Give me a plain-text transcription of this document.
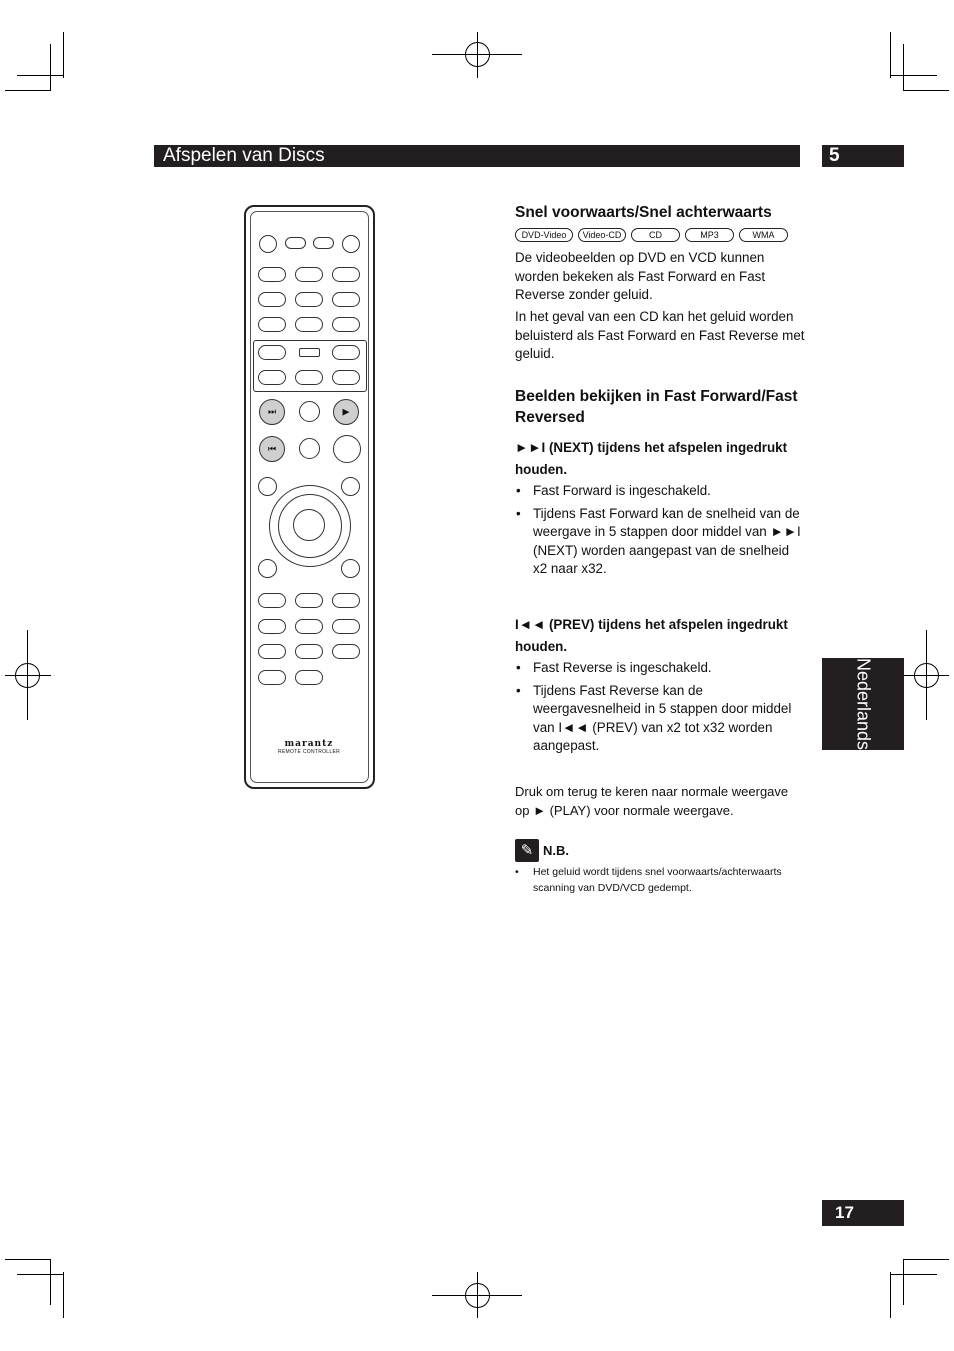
Afspelen van Discs	5
Nederlands
17
⏭	▶
⏮
marantz
REMOTE CONTROLLER
Snel voorwaarts/Snel achterwaarts
DVD-Video	Video-CD	CD	MP3	WMA
De videobeelden op DVD en VCD kunnen worden bekeken als Fast Forward en Fast Reverse zonder geluid.
In het geval van een CD kan het geluid worden beluisterd als Fast Forward en Fast Reverse met geluid.
Beelden bekijken in Fast Forward/Fast Reversed
►►I (NEXT) tijdens het afspelen ingedrukt houden.
• Fast Forward is ingeschakeld.
• Tijdens Fast Forward kan de snelheid van de weergave in 5 stappen door middel van ►►I (NEXT) worden aangepast van de snelheid x2 naar x32.
I◄◄ (PREV) tijdens het afspelen ingedrukt houden.
• Fast Reverse is ingeschakeld.
• Tijdens Fast Reverse kan de weergavesnelheid in 5 stappen door middel van I◄◄ (PREV) van x2 tot x32 worden aangepast.
Druk om terug te keren naar normale weergave op ► (PLAY) voor normale weergave.
✎ N.B.
•	Het geluid wordt tijdens snel voorwaarts/achterwaarts scanning van DVD/VCD gedempt.
